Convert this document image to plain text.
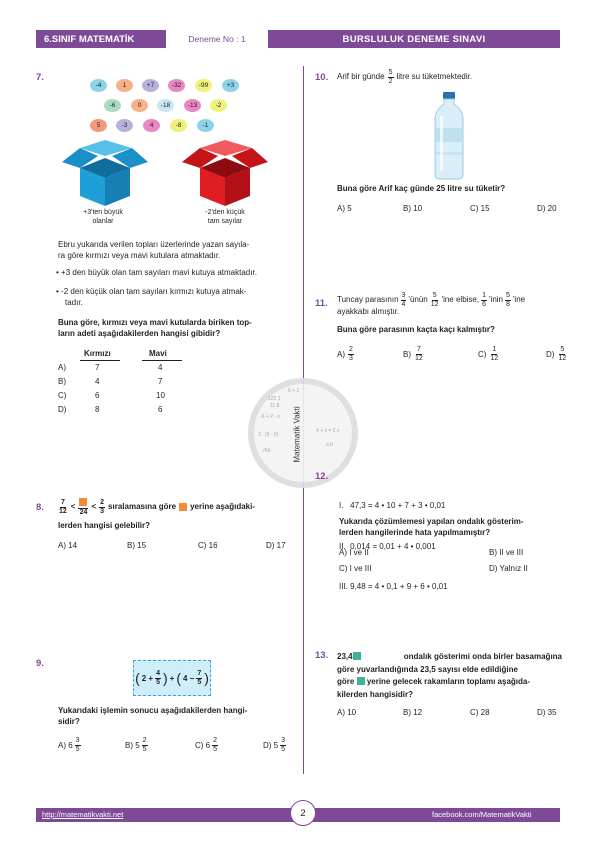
6.SINIF MATEMATİK	Deneme No : 1	BURSLULUK DENEME SINAVI
7.
-4	1	+7	-32	-99	+3
-6	0	-18	-13	-2
5	-3	4	-8	-1
+3'ten büyük
olanlar
-2'den küçük
tam sayılar
Ebru yukarıda verilen topları üzerlerinde yazan sayıla-
ra göre kırmızı veya mavi kutulara atmaktadır.
• +3 den büyük olan tam sayıları mavi kutuya atmaktadır.
• -2 den küçük olan tam sayıları kırmızı kutuya atmak-
tadır.
Buna göre, kırmızı veya mavi kutularda biriken top-
ların adeti aşağıdakilerden hangisi gibidir?
Kırmızı	Mavi
A)	7	4
B)	4	7
C)	6	10
D)	8	6
8. $\frac{7}{12}$ <
24
< $\frac{2}{3}$ sıralamasına göre yerine aşağıdaki-
lerden hangisi gelebilir?
A) 14	B) 15	C) 16	D) 17
9.
( $2 + \frac{4}{5}$ ) + ( $4 - \frac{7}{5}$ )
Yukarıdaki işlemin sonucu aşağıdakilerden hangi-
sidir?
A) $6 \frac{3}{5}$	B) $5 \frac{2}{5}$	C) $6 \frac{2}{5}$	D) $5 \frac{3}{5}$
10. Arif bir günde $\frac{5}{2}$ litre su tüketmektedir.
Buna göre Arif kaç günde 25 litre su tüketir?
A) 5	B) 10	C) 15	D) 20
11. Tuncay parasının $\frac{3}{4}$ 'ünün $\frac{5}{12}$ 'ine elbise, $\frac{1}{6}$ 'inin $\frac{5}{8}$ 'ine
ayakkabı almıştır.
Buna göre parasının kaçta kaçı kalmıştır?
$A) \frac{2}{3}$	$B) \frac{7}{12}$	$C) \frac{1}{12}$	$D) \frac{5}{12}$
6 + 2
122 1
11 8
-6 + 2 - x
3 . (9 - 6)
√64
4 + x = 2 x
a b
Matematik Vakti
12.

I.   47,3 = 4 • 10 + 7 + 3 • 0,01

II.  0,014 = 0,01 + 4 • 0,001

III. 9,48 = 4 • 0,1 + 9 + 6 • 0,01

Yukarıda çözümlemesi yapılan ondalık gösterim-
lerden hangilerinde hata yapılmamıştır?
A) I ve II	B) II ve III
C) I ve III	D) Yalnız II
13. 23,4	ondalık gösterimi onda birler basamağına
göre yuvarlandığında 23,5 sayısı elde edildiğine
göre yerine gelecek rakamların toplamı aşağıda-
kilerden hangisidir?
A) 10	B) 12	C) 28	D) 35
http://matematikvakti.net	facebook.com/MatematikVakti
2
